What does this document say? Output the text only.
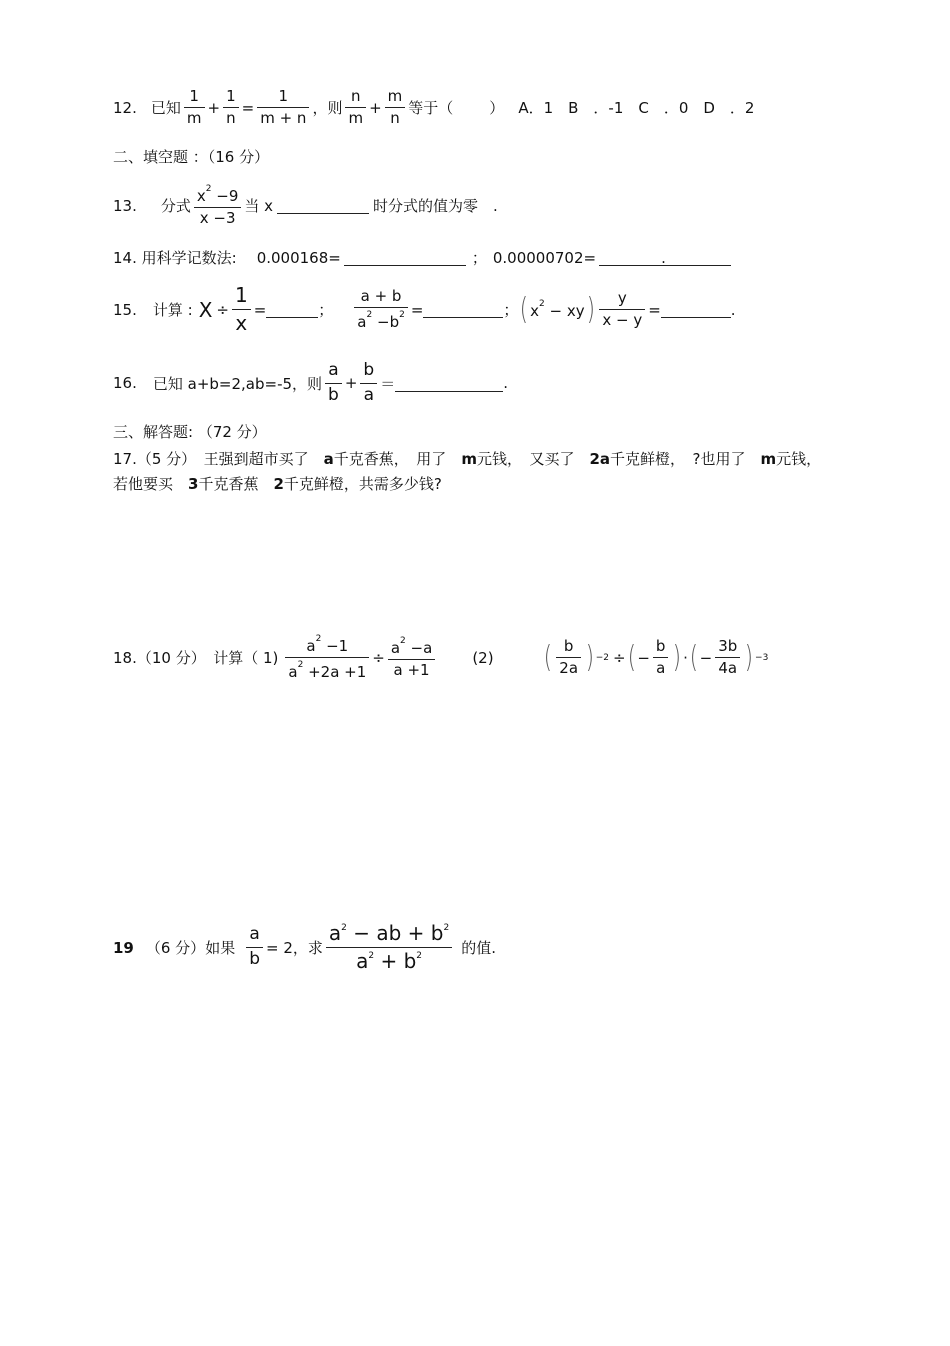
12. 已知 $\frac{1}{m} + \frac{1}{n} = \frac{1}{m + n}$ ，则 $\frac{n}{m} + \frac{m}{n}$ 等于（ ） A．1　B　．-1　C　．0　D　．2
二、填空题 ：（16 分）
13. 分式 $\frac{x^2 -9}{x -3}$ 当 x	时分式的值为零　.
14. 用科学记数法: 0.000168=	； 0.00000702=	.
15. 计算 : $X \div \frac{1}{x}$ =	； $\frac{a + b}{a^2 -b^2}$ =	； ( $x^2$ − xy ) $\frac{y}{x - y}$ =	.
16. 已知 a+b=2,ab=-5，则 $\frac{a}{b} + \frac{b}{a}$ ＝	.
三、解答题: （72 分）
17.（5 分）　王强到超市买了　 a 千克香蕉，　用了　 m 元钱，　又买了　 2a 千克鲜橙，　?也用了　 m 元钱，
若他要买　 3 千克香蕉　 2 千克鲜橙，共需多少钱?
18.（10 分）　计算（ $1) \frac{a^2 -1}{a^2 +2a +1} \div \frac{a^2 -a}{a +1} (2)$ ( $\frac{b}{2a}$ ) −2 ÷ ( − $\frac{b}{a}$ ) · ( − $\frac{3b}{4a}$ ) −3
19 （6 分） 如果 $\frac{a}{b} = 2$，求 $\frac{a^2 - ab + b^2}{a^2 + b^2}$ 的值.
